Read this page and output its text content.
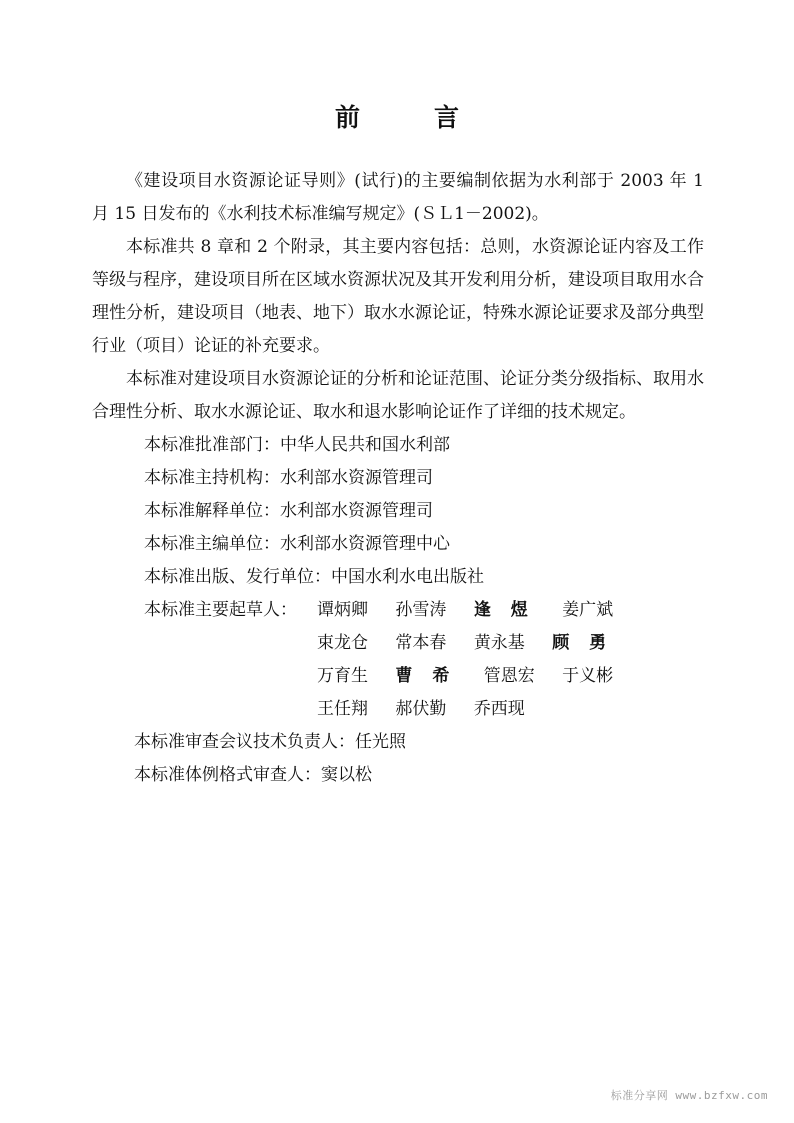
前言

《建设项目水资源论证导则》(试行)的主要编制依据为水利部于 2003 年 1 月 15 日发布的《水利技术标准编写规定》(ＳＬ1－2002)。

本标准共 8 章和 2 个附录，其主要内容包括：总则，水资源论证内容及工作等级与程序，建设项目所在区域水资源状况及其开发利用分析，建设项目取用水合理性分析，建设项目（地表、地下）取水水源论证，特殊水源论证要求及部分典型行业（项目）论证的补充要求。

本标准对建设项目水资源论证的分析和论证范围、论证分类分级指标、取用水合理性分析、取水水源论证、取水和退水影响论证作了详细的技术规定。

本标准批准部门：中华人民共和国水利部

本标准主持机构：水利部水资源管理司

本标准解释单位：水利部水资源管理司

本标准主编单位：水利部水资源管理中心

本标准出版、发行单位：中国水利水电出版社

本标准主要起草人： 谭炳卿 孙雪涛 逢 煜 姜广斌
束龙仓 常本春 黄永基 顾 勇
万育生 曹 希 管恩宏 于义彬
王任翔 郝伏勤 乔西现

本标准审查会议技术负责人：任光照

本标准体例格式审查人：窦以松

标准分享网 www.bzfxw.com
